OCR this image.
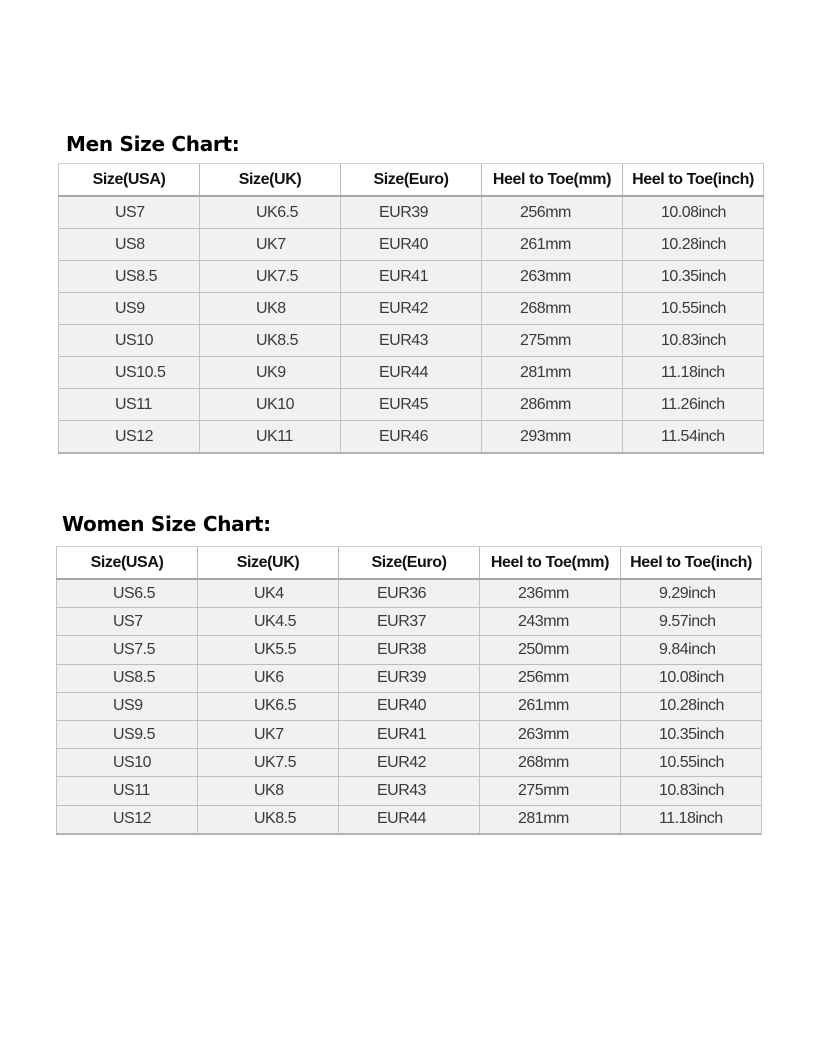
Men Size Chart:
Size(USA)	Size(UK)	Size(Euro)	Heel to Toe(mm)	Heel to Toe(inch)
US7	UK6.5	EUR39	256mm	10.08inch
US8	UK7	EUR40	261mm	10.28inch
US8.5	UK7.5	EUR41	263mm	10.35inch
US9	UK8	EUR42	268mm	10.55inch
US10	UK8.5	EUR43	275mm	10.83inch
US10.5	UK9	EUR44	281mm	11.18inch
US11	UK10	EUR45	286mm	11.26inch
US12	UK11	EUR46	293mm	11.54inch
Women Size Chart:
Size(USA)	Size(UK)	Size(Euro)	Heel to Toe(mm)	Heel to Toe(inch)
US6.5	UK4	EUR36	236mm	9.29inch
US7	UK4.5	EUR37	243mm	9.57inch
US7.5	UK5.5	EUR38	250mm	9.84inch
US8.5	UK6	EUR39	256mm	10.08inch
US9	UK6.5	EUR40	261mm	10.28inch
US9.5	UK7	EUR41	263mm	10.35inch
US10	UK7.5	EUR42	268mm	10.55inch
US11	UK8	EUR43	275mm	10.83inch
US12	UK8.5	EUR44	281mm	11.18inch
